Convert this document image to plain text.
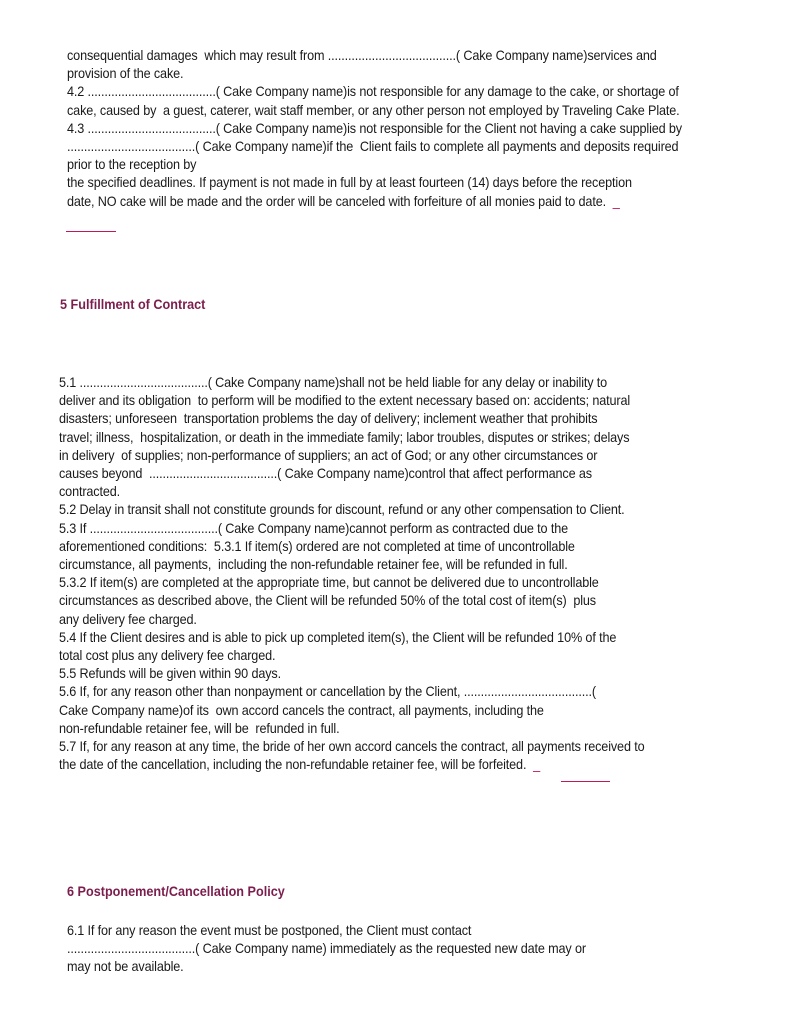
consequential damages  which may result from ......................................( Cake Company name)services and
provision of the cake.
4.2 ......................................( Cake Company name)is not responsible for any damage to the cake, or shortage of
cake, caused by  a guest, caterer, wait staff member, or any other person not employed by Traveling Cake Plate.
4.3 ......................................( Cake Company name)is not responsible for the Client not having a cake supplied by
......................................( Cake Company name)if the  Client fails to complete all payments and deposits required
prior to the reception by
the specified deadlines. If payment is not made in full by at least fourteen (14) days before the reception
date, NO cake will be made and the order will be canceled with forfeiture of all monies paid to date. _
5 Fulfillment of Contract
5.1 ......................................( Cake Company name)shall not be held liable for any delay or inability to
deliver and its obligation  to perform will be modified to the extent necessary based on: accidents; natural
disasters; unforeseen  transportation problems the day of delivery; inclement weather that prohibits
travel; illness,  hospitalization, or death in the immediate family; labor troubles, disputes or strikes; delays
in delivery  of supplies; non-performance of suppliers; an act of God; or any other circumstances or
causes beyond  ......................................( Cake Company name)control that affect performance as
contracted.
5.2 Delay in transit shall not constitute grounds for discount, refund or any other compensation to Client.
5.3 If ......................................( Cake Company name)cannot perform as contracted due to the
aforementioned conditions:  5.3.1 If item(s) ordered are not completed at time of uncontrollable
circumstance, all payments,  including the non-refundable retainer fee, will be refunded in full.
5.3.2 If item(s) are completed at the appropriate time, but cannot be delivered due to uncontrollable
circumstances as described above, the Client will be refunded 50% of the total cost of item(s)  plus
any delivery fee charged.
5.4 If the Client desires and is able to pick up completed item(s), the Client will be refunded 10% of the
total cost plus any delivery fee charged.
5.5 Refunds will be given within 90 days.
5.6 If, for any reason other than nonpayment or cancellation by the Client, ......................................(
Cake Company name)of its  own accord cancels the contract, all payments, including the
non-refundable retainer fee, will be  refunded in full.
5.7 If, for any reason at any time, the bride of her own accord cancels the contract, all payments received to
the date of the cancellation, including the non-refundable retainer fee, will be forfeited. _
6 Postponement/Cancellation Policy
6.1 If for any reason the event must be postponed, the Client must contact
......................................( Cake Company name) immediately as the requested new date may or
may not be available.
